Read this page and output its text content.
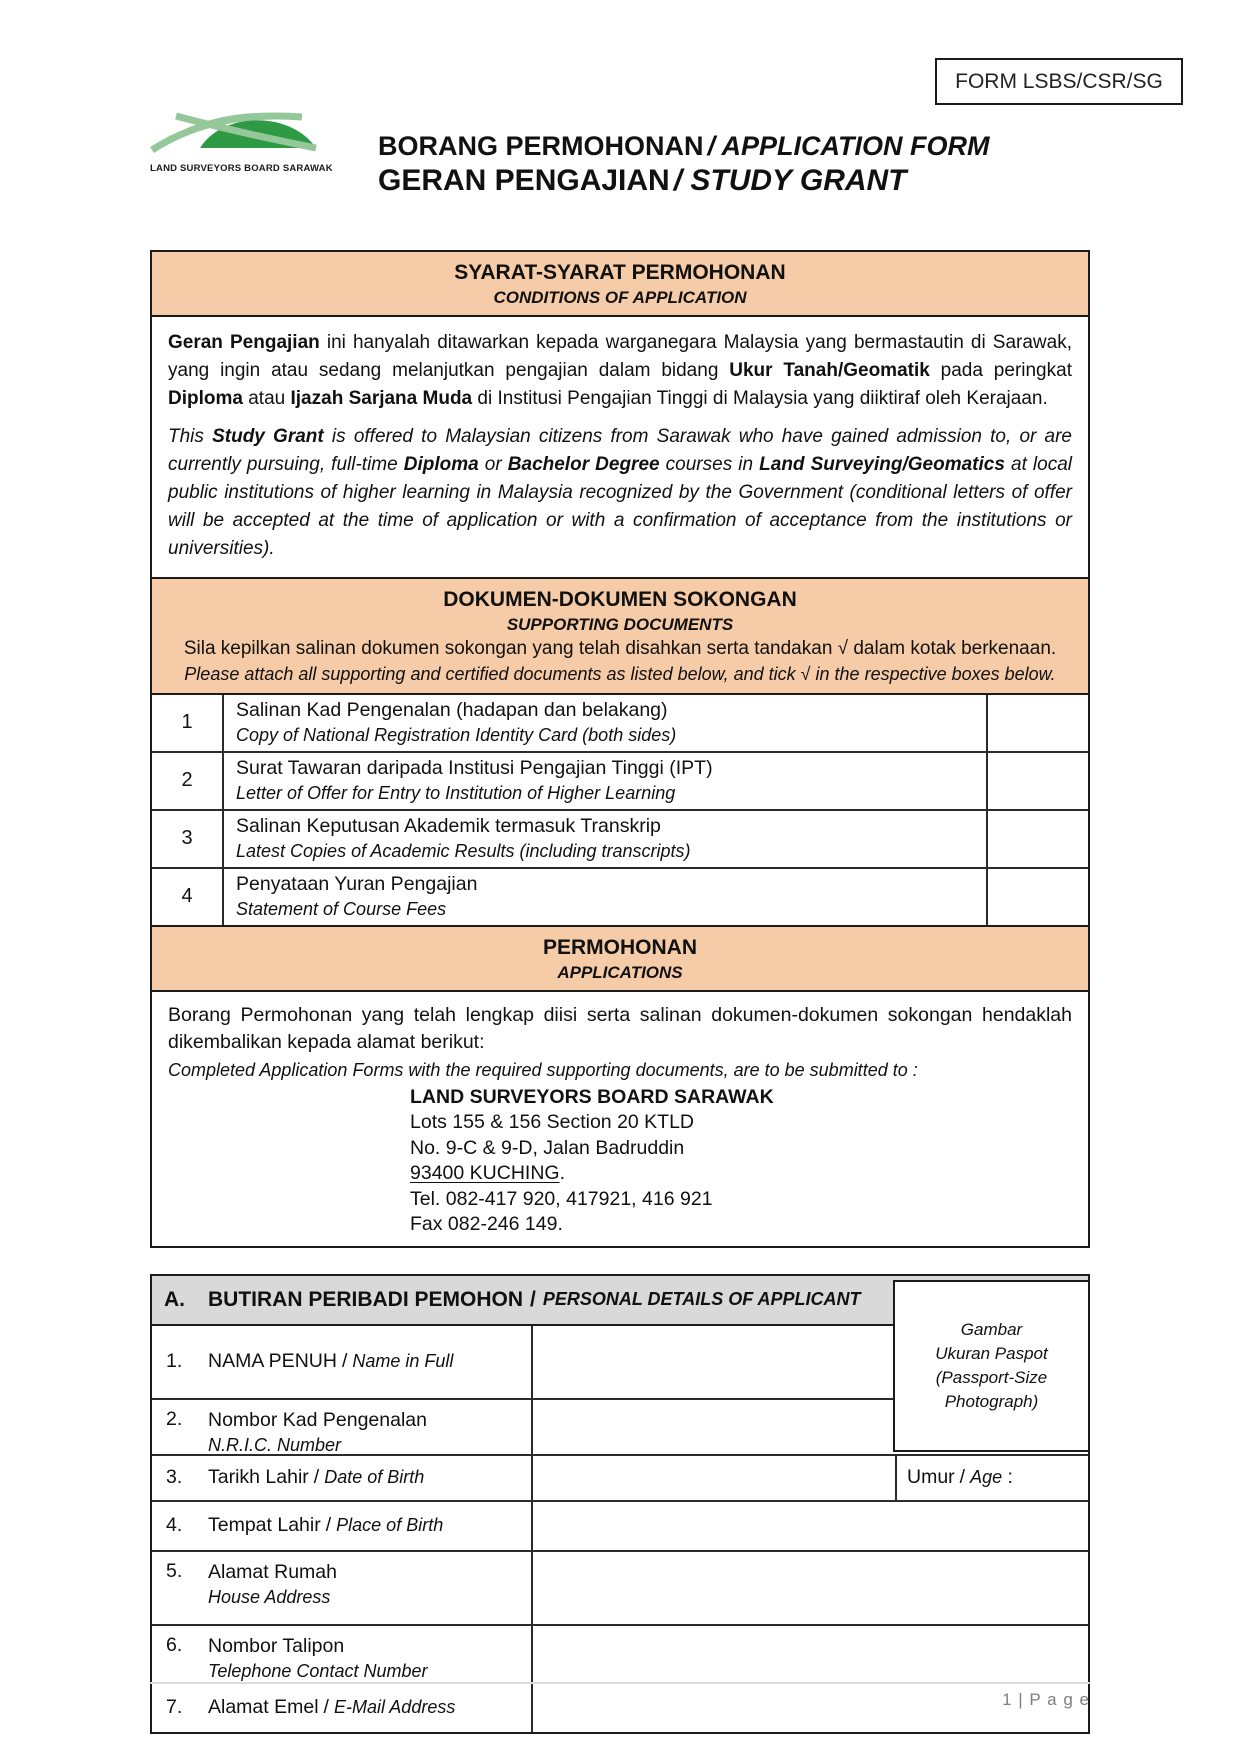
FORM LSBS/CSR/SG
LAND SURVEYORS BOARD SARAWAK
BORANG PERMOHONAN / APPLICATION FORM
GERAN PENGAJIAN / STUDY GRANT
SYARAT-SYARAT PERMOHONAN
CONDITIONS OF APPLICATION

Geran Pengajian ini hanyalah ditawarkan kepada warganegara Malaysia yang bermastautin di Sarawak, yang ingin atau sedang melanjutkan pengajian dalam bidang Ukur Tanah/Geomatik pada peringkat Diploma atau Ijazah Sarjana Muda di Institusi Pengajian Tinggi di Malaysia yang diiktiraf oleh Kerajaan.

This Study Grant is offered to Malaysian citizens from Sarawak who have gained admission to, or are currently pursuing, full-time Diploma or Bachelor Degree courses in Land Surveying/Geomatics at local public institutions of higher learning in Malaysia recognized by the Government (conditional letters of offer will be accepted at the time of application or with a confirmation of acceptance from the institutions or universities).

DOKUMEN-DOKUMEN SOKONGAN
SUPPORTING DOCUMENTS
Sila kepilkan salinan dokumen sokongan yang telah disahkan serta tandakan √ dalam kotak berkenaan.
Please attach all supporting and certified documents as listed below, and tick √ in the respective boxes below.
1
Salinan Kad Pengenalan (hadapan dan belakang)
Copy of National Registration Identity Card (both sides)
2
Surat Tawaran daripada Institusi Pengajian Tinggi (IPT)
Letter of Offer for Entry to Institution of Higher Learning
3
Salinan Keputusan Akademik termasuk Transkrip
Latest Copies of Academic Results (including transcripts)
4
Penyataan Yuran Pengajian
Statement of Course Fees
PERMOHONAN
APPLICATIONS

Borang Permohonan yang telah lengkap diisi serta salinan dokumen-dokumen sokongan hendaklah dikembalikan kepada alamat berikut:

Completed Application Forms with the required supporting documents, are to be submitted to :

LAND SURVEYORS BOARD SARAWAK
Lots 155 & 156 Section 20 KTLD
No. 9-C & 9-D, Jalan Badruddin
93400 KUCHING.
Tel. 082-417 920, 417921, 416 921
Fax 082-246 149.
A.	BUTIRAN PERIBADI PEMOHON / PERSONAL DETAILS OF APPLICANT
Gambar
Ukuran Paspot
(Passport-Size
Photograph)
1.	NAMA PENUH / Name in Full
2.	Nombor Kad Pengenalan
N.R.I.C. Number
3.	Tarikh Lahir / Date of Birth	Umur / Age
:
4.	Tempat Lahir / Place of Birth
5.	Alamat Rumah
House Address
6.	Nombor Talipon
Telephone Contact Number
7.	Alamat Emel / E-Mail Address	1 | P a g e
